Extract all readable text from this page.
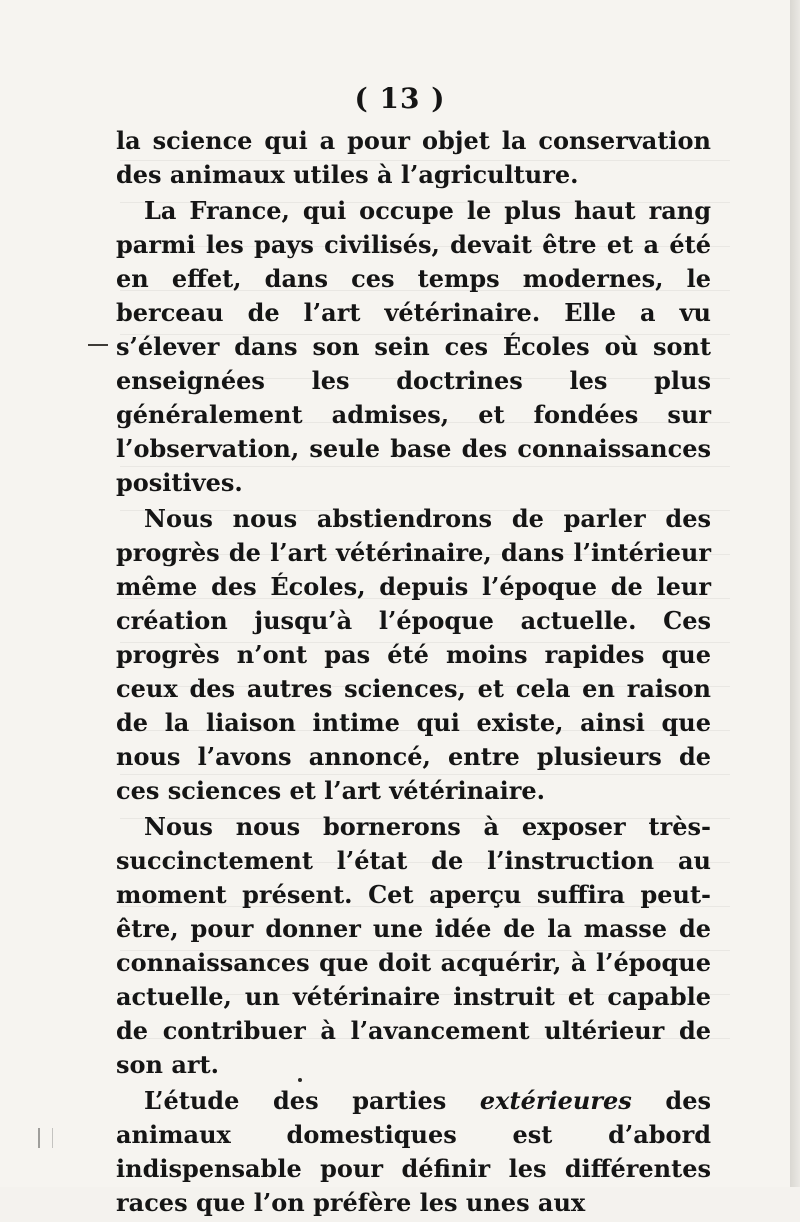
( 13 )

la science qui a pour objet la conservation des animaux utiles à l’agriculture.

La France, qui occupe le plus haut rang parmi les pays civilisés, devait être et a été en effet, dans ces temps modernes, le berceau de l’art vétérinaire. Elle a vu s’élever dans son sein ces Écoles où sont enseignées les doctrines les plus généralement admises, et fondées sur l’observation, seule base des connaissances positives.

Nous nous abstiendrons de parler des progrès de l’art vétérinaire, dans l’intérieur même des Écoles, depuis l’époque de leur création jusqu’à l’époque actuelle. Ces progrès n’ont pas été moins rapides que ceux des autres sciences, et cela en raison de la liaison intime qui existe, ainsi que nous l’avons annoncé, entre plusieurs de ces sciences et l’art vétérinaire.

Nous nous bornerons à exposer très-succinctement l’état de l’instruction au moment présent. Cet aperçu suffira peut-être, pour donner une idée de la masse de connaissances que doit acquérir, à l’époque actuelle, un vétérinaire instruit et capable de contribuer à l’avancement ultérieur de son art.

L’étude des parties extérieures des animaux domestiques est d’abord indispensable pour définir les différentes races que l’on préfère les unes aux
